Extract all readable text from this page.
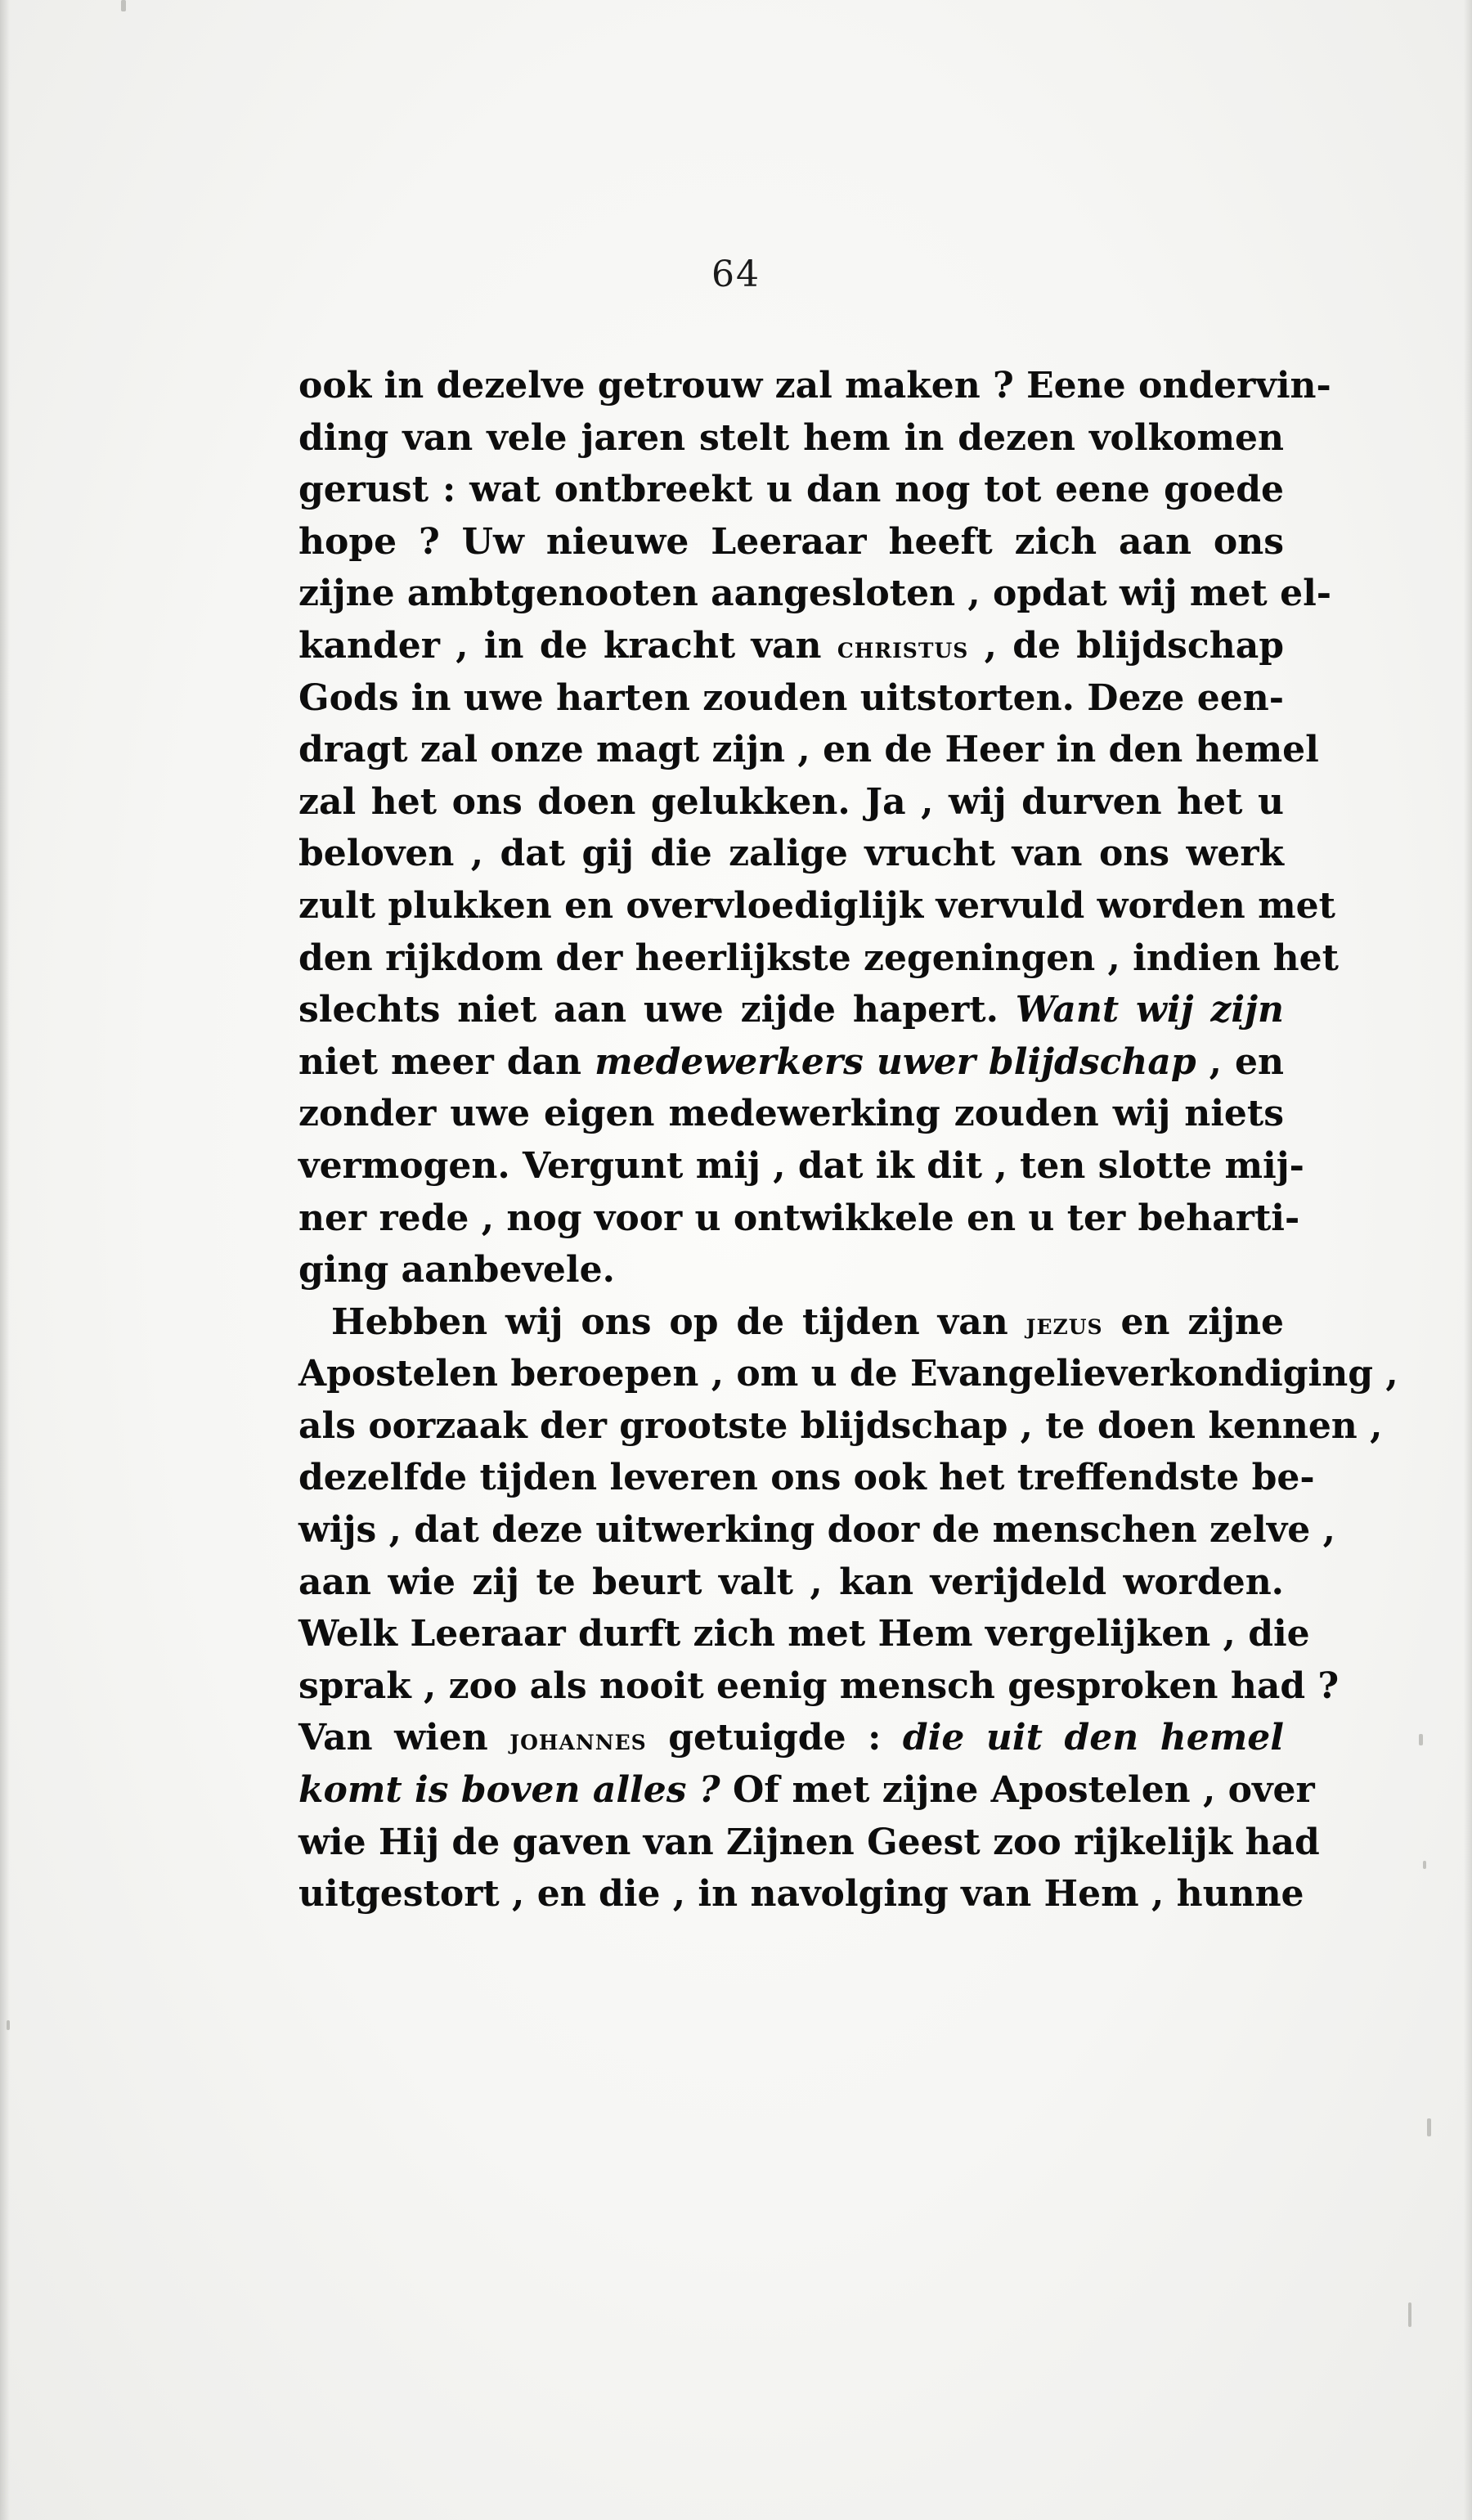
64
ook in dezelve getrouw zal maken ? Eene ondervin-
ding van vele jaren stelt hem in dezen volkomen
gerust : wat ontbreekt u dan nog tot eene goede
hope ? Uw nieuwe Leeraar heeft zich aan ons
zijne ambtgenooten aangesloten , opdat wij met el-
kander , in de kracht van christus , de blijdschap
Gods in uwe harten zouden uitstorten. Deze een-
dragt zal onze magt zijn , en de Heer in den hemel
zal het ons doen gelukken. Ja , wij durven het u
beloven , dat gij die zalige vrucht van ons werk
zult plukken en overvloediglijk vervuld worden met
den rijkdom der heerlijkste zegeningen , indien het
slechts niet aan uwe zijde hapert. Want wij zijn
niet meer dan medewerkers uwer blijdschap , en
zonder uwe eigen medewerking zouden wij niets
vermogen. Vergunt mij , dat ik dit , ten slotte mij-
ner rede , nog voor u ontwikkele en u ter beharti-
ging aanbevele.
Hebben wij ons op de tijden van jezus en zijne
Apostelen beroepen , om u de Evangelieverkondiging ,
als oorzaak der grootste blijdschap , te doen kennen ,
dezelfde tijden leveren ons ook het treffendste be-
wijs , dat deze uitwerking door de menschen zelve ,
aan wie zij te beurt valt , kan verijdeld worden.
Welk Leeraar durft zich met Hem vergelijken , die
sprak , zoo als nooit eenig mensch gesproken had ?
Van wien johannes getuigde : die uit den hemel
komt is boven alles ? Of met zijne Apostelen , over
wie Hij de gaven van Zijnen Geest zoo rijkelijk had
uitgestort , en die , in navolging van Hem , hunne
